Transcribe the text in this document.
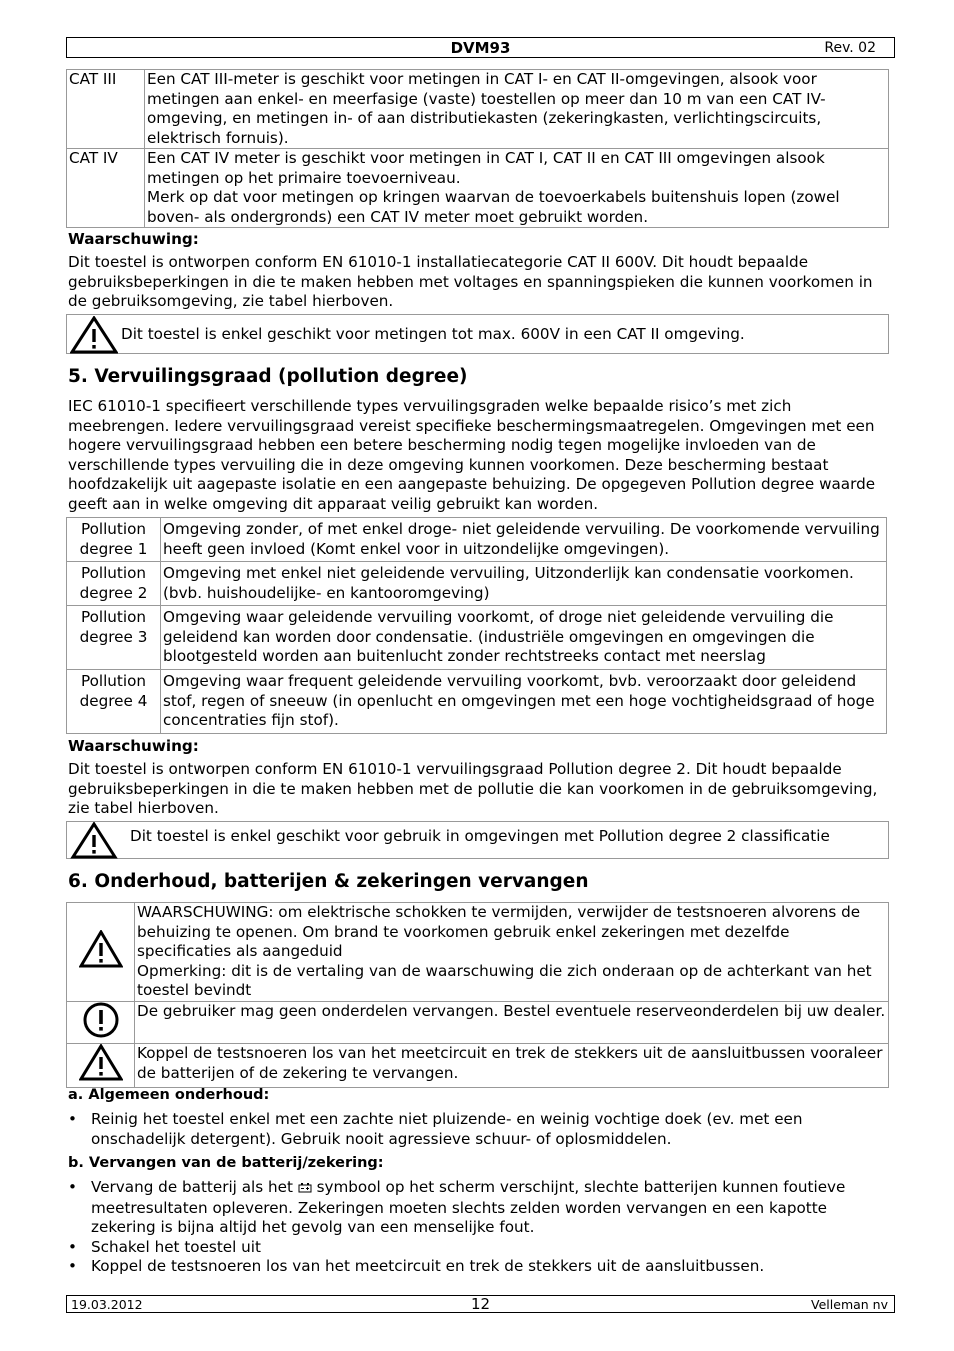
DVM93	Rev. 02
CAT III	Een CAT III-meter is geschikt voor metingen in CAT I- en CAT II-omgevingen, alsook voor metingen aan enkel- en meerfasige (vaste) toestellen op meer dan 10 m van een CAT IV-omgeving, en metingen in- of aan distributiekasten (zekeringkasten, verlichtingscircuits, elektrisch fornuis).
CAT IV	Een CAT IV meter is geschikt voor metingen in CAT I, CAT II en CAT III omgevingen alsook metingen op het primaire toevoerniveau.
Merk op dat voor metingen op kringen waarvan de toevoerkabels buitenshuis lopen (zowel boven- als ondergronds) een CAT IV meter moet gebruikt worden.
Waarschuwing:
Dit toestel is ontworpen conform EN 61010-1 installatiecategorie CAT II 600V. Dit houdt bepaalde gebruiksbeperkingen in die te maken hebben met voltages en spanningspieken die kunnen voorkomen in de gebruiksomgeving, zie tabel hierboven.
Dit toestel is enkel geschikt voor metingen tot max. 600V in een CAT II omgeving.
5. Vervuilingsgraad (pollution degree)
IEC 61010-1 specifieert verschillende types vervuilingsgraden welke bepaalde risico’s met zich meebrengen. Iedere vervuilingsgraad vereist specifieke beschermingsmaatregelen. Omgevingen met een hogere vervuilingsgraad hebben een betere bescherming nodig tegen mogelijke invloeden van de verschillende types vervuiling die in deze omgeving kunnen voorkomen. Deze bescherming bestaat hoofdzakelijk uit aagepaste isolatie en een aangepaste behuizing. De opgegeven Pollution degree waarde geeft aan in welke omgeving dit apparaat veilig gebruikt kan worden.
Pollution
degree 1	Omgeving zonder, of met enkel droge- niet geleidende vervuiling. De voorkomende vervuiling heeft geen invloed (Komt enkel voor in uitzondelijke omgevingen).

Pollution
degree 2	Omgeving met enkel niet geleidende vervuiling, Uitzonderlijk kan condensatie voorkomen. (bvb. huishoudelijke- en kantooromgeving)

Pollution
degree 3	Omgeving waar geleidende vervuiling voorkomt, of droge niet geleidende vervuiling die geleidend kan worden door condensatie. (industriële omgevingen en omgevingen die blootgesteld worden aan buitenlucht zonder rechtstreeks contact met neerslag

Pollution
degree 4	Omgeving waar frequent geleidende vervuiling voorkomt, bvb. veroorzaakt door geleidend stof, regen of sneeuw (in openlucht en omgevingen met een hoge vochtigheidsgraad of hoge concentraties fijn stof).
Waarschuwing:
Dit toestel is ontworpen conform EN 61010-1 vervuilingsgraad Pollution degree 2. Dit houdt bepaalde gebruiksbeperkingen in die te maken hebben met de pollutie die kan voorkomen in de gebruiksomgeving, zie tabel hierboven.
Dit toestel is enkel geschikt voor gebruik in omgevingen met Pollution degree 2 classificatie
6. Onderhoud, batterijen & zekeringen vervangen

WAARSCHUWING: om elektrische schokken te vermijden, verwijder de testsnoeren alvorens de behuizing te openen. Om brand te voorkomen gebruik enkel zekeringen met dezelfde specificaties als aangeduid
Opmerking: dit is de vertaling van de waarschuwing die zich onderaan op de achterkant van het toestel bevindt

	De gebruiker mag geen onderdelen vervangen. Bestel eventuele reserveonderdelen bij uw dealer.

	Koppel de testsnoeren los van het meetcircuit en trek de stekkers uit de aansluitbussen vooraleer de batterijen of de zekering te vervangen.
a. Algemeen onderhoud:
• Reinig het toestel enkel met een zachte niet pluizende- en weinig vochtige doek (ev. met een onschadelijk detergent). Gebruik nooit agressieve schuur- of oplosmiddelen.
b. Vervangen van de batterij/zekering:
• Vervang de batterij als het symbool op het scherm verschijnt, slechte batterijen kunnen foutieve meetresultaten opleveren. Zekeringen moeten slechts zelden worden vervangen en een kapotte zekering is bijna altijd het gevolg van een menselijke fout.
• Schakel het toestel uit
• Koppel de testsnoeren los van het meetcircuit en trek de stekkers uit de aansluitbussen.
19.03.2012	12	Velleman nv
